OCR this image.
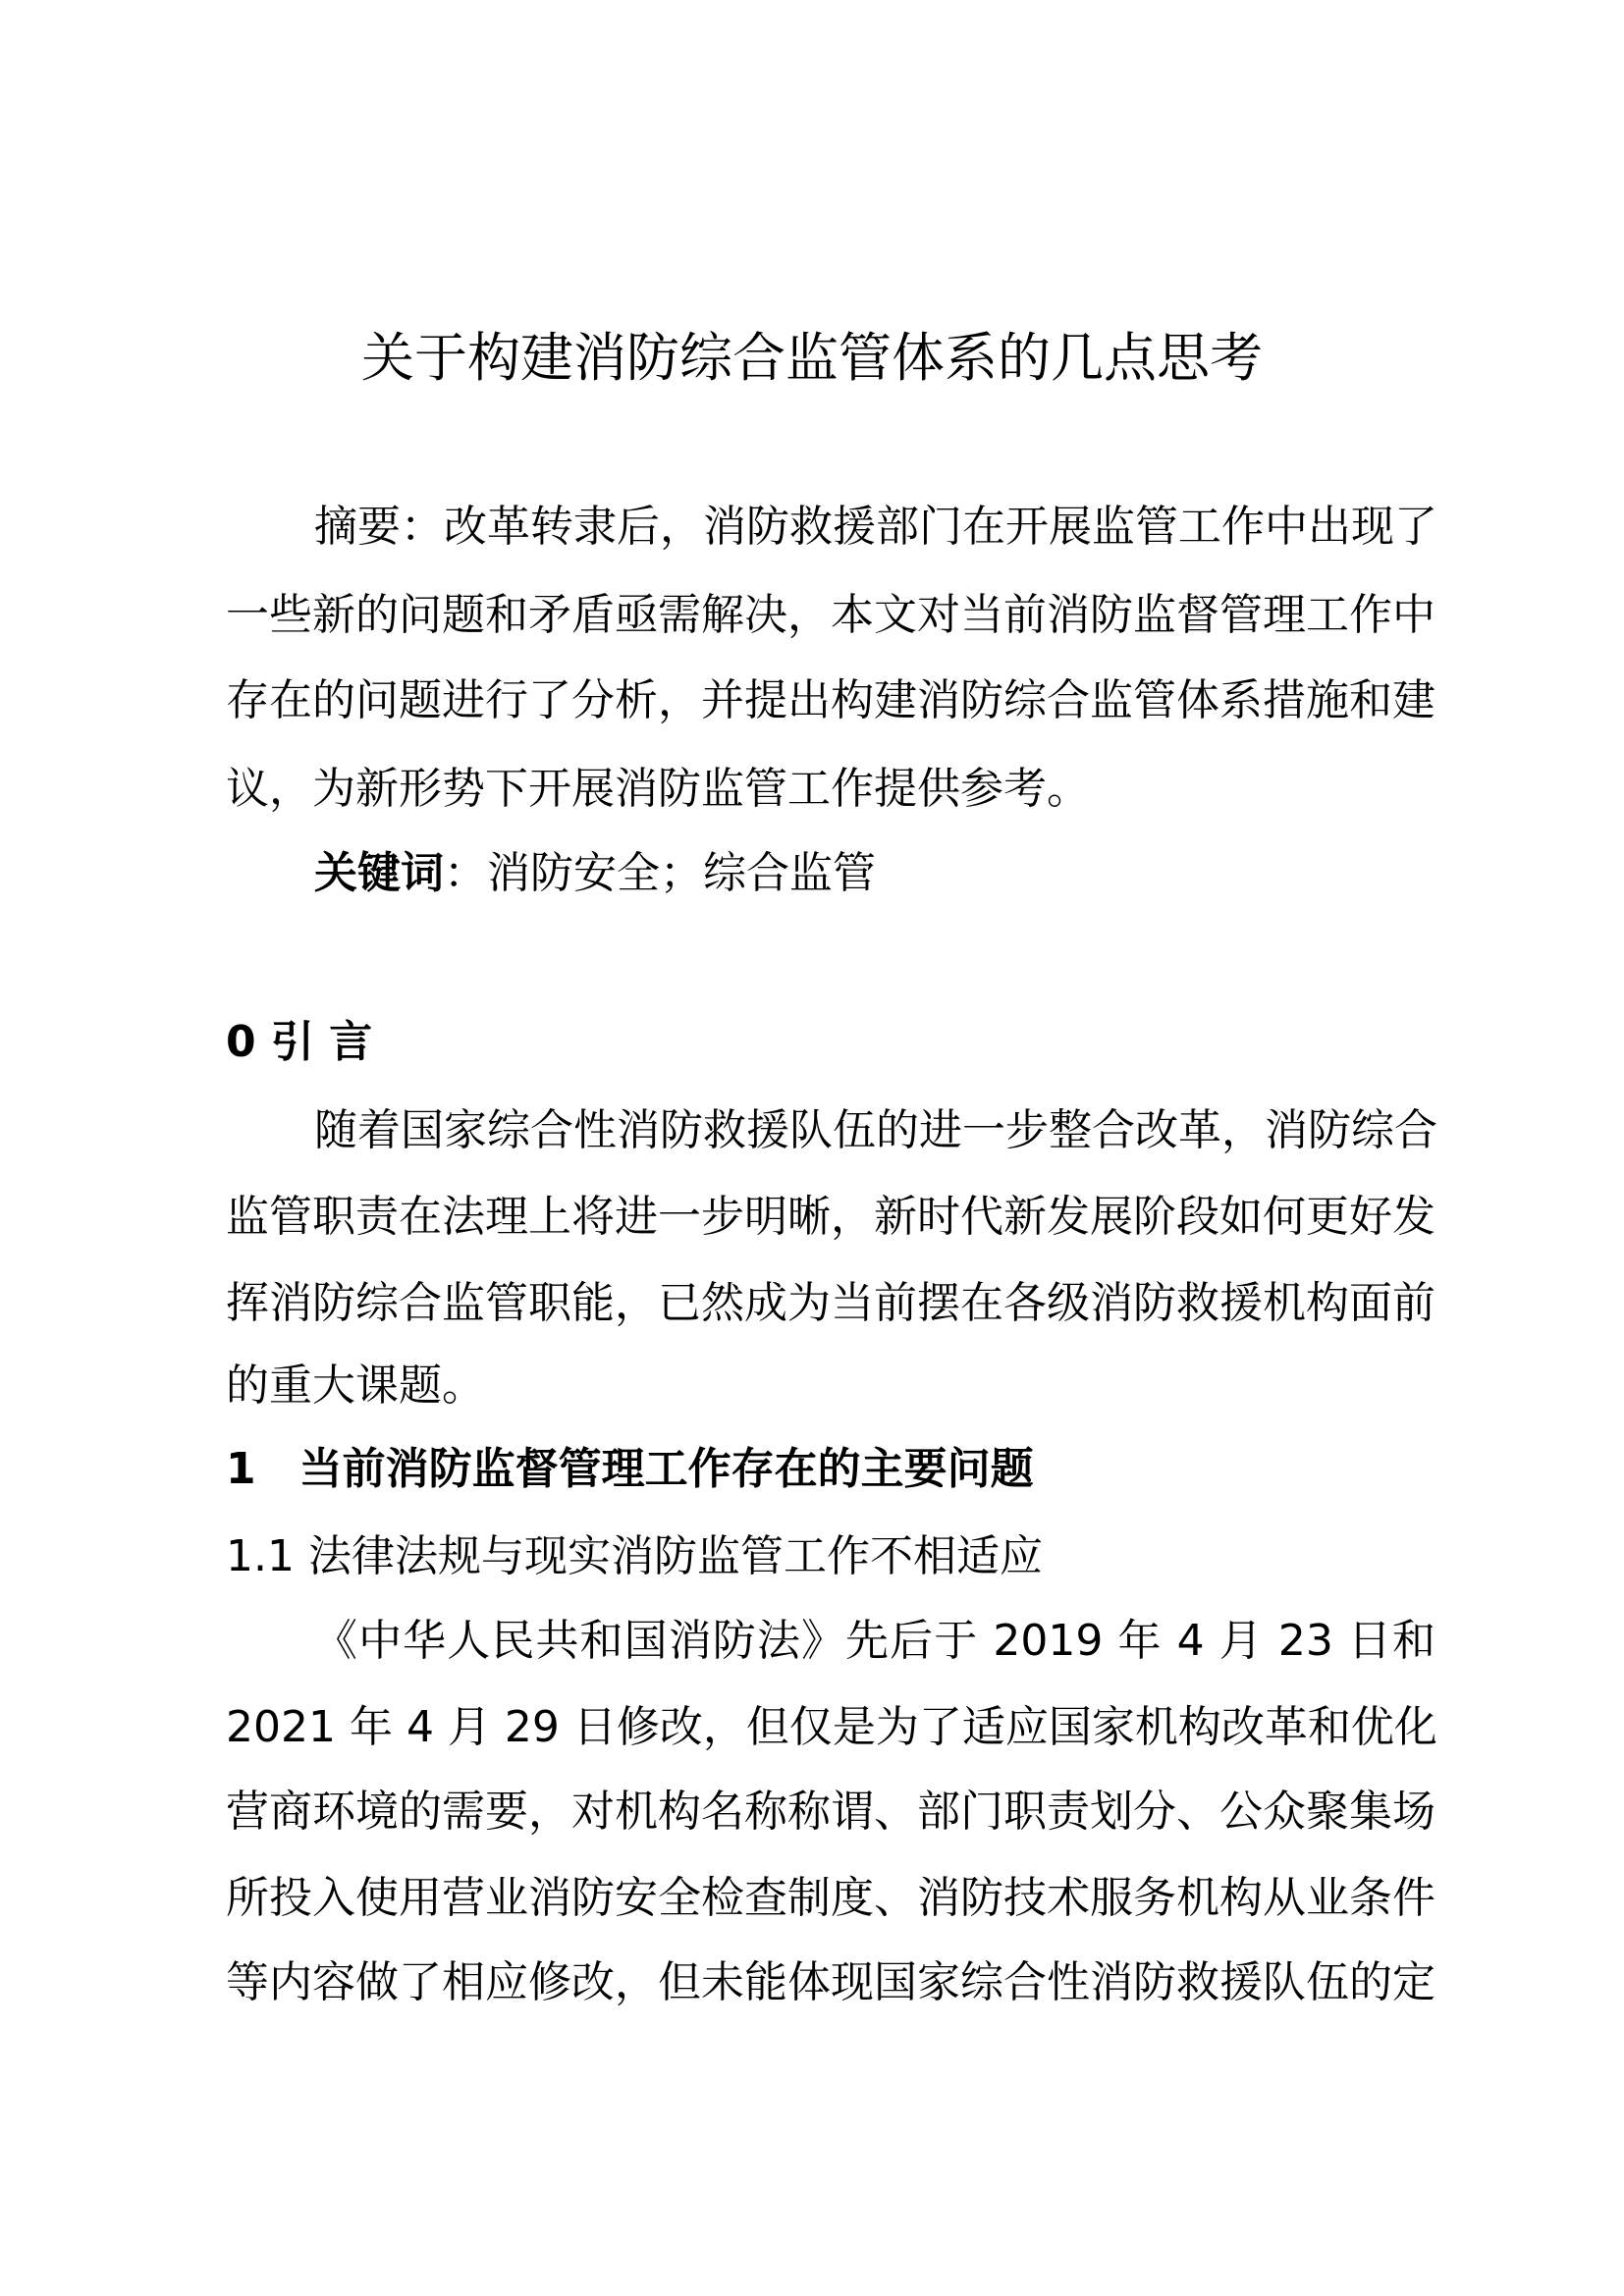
关于构建消防综合监管体系的几点思考
摘要：改革转隶后，消防救援部门在开展监管工作中出现了
一些新的问题和矛盾亟需解决，本文对当前消防监督管理工作中
存在的问题进行了分析，并提出构建消防综合监管体系措施和建
议，为新形势下开展消防监管工作提供参考。
关键词：消防安全；综合监管
0 引 言
随着国家综合性消防救援队伍的进一步整合改革，消防综合
监管职责在法理上将进一步明晰，新时代新发展阶段如何更好发
挥消防综合监管职能，已然成为当前摆在各级消防救援机构面前
的重大课题。
1　当前消防监督管理工作存在的主要问题
1.1 法律法规与现实消防监管工作不相适应
《中华人民共和国消防法》先后于 2019 年 4 月 23 日和
2021 年 4 月 29 日修改，但仅是为了适应国家机构改革和优化
营商环境的需要，对机构名称称谓、部门职责划分、公众聚集场
所投入使用营业消防安全检查制度、消防技术服务机构从业条件
等内容做了相应修改，但未能体现国家综合性消防救援队伍的定
